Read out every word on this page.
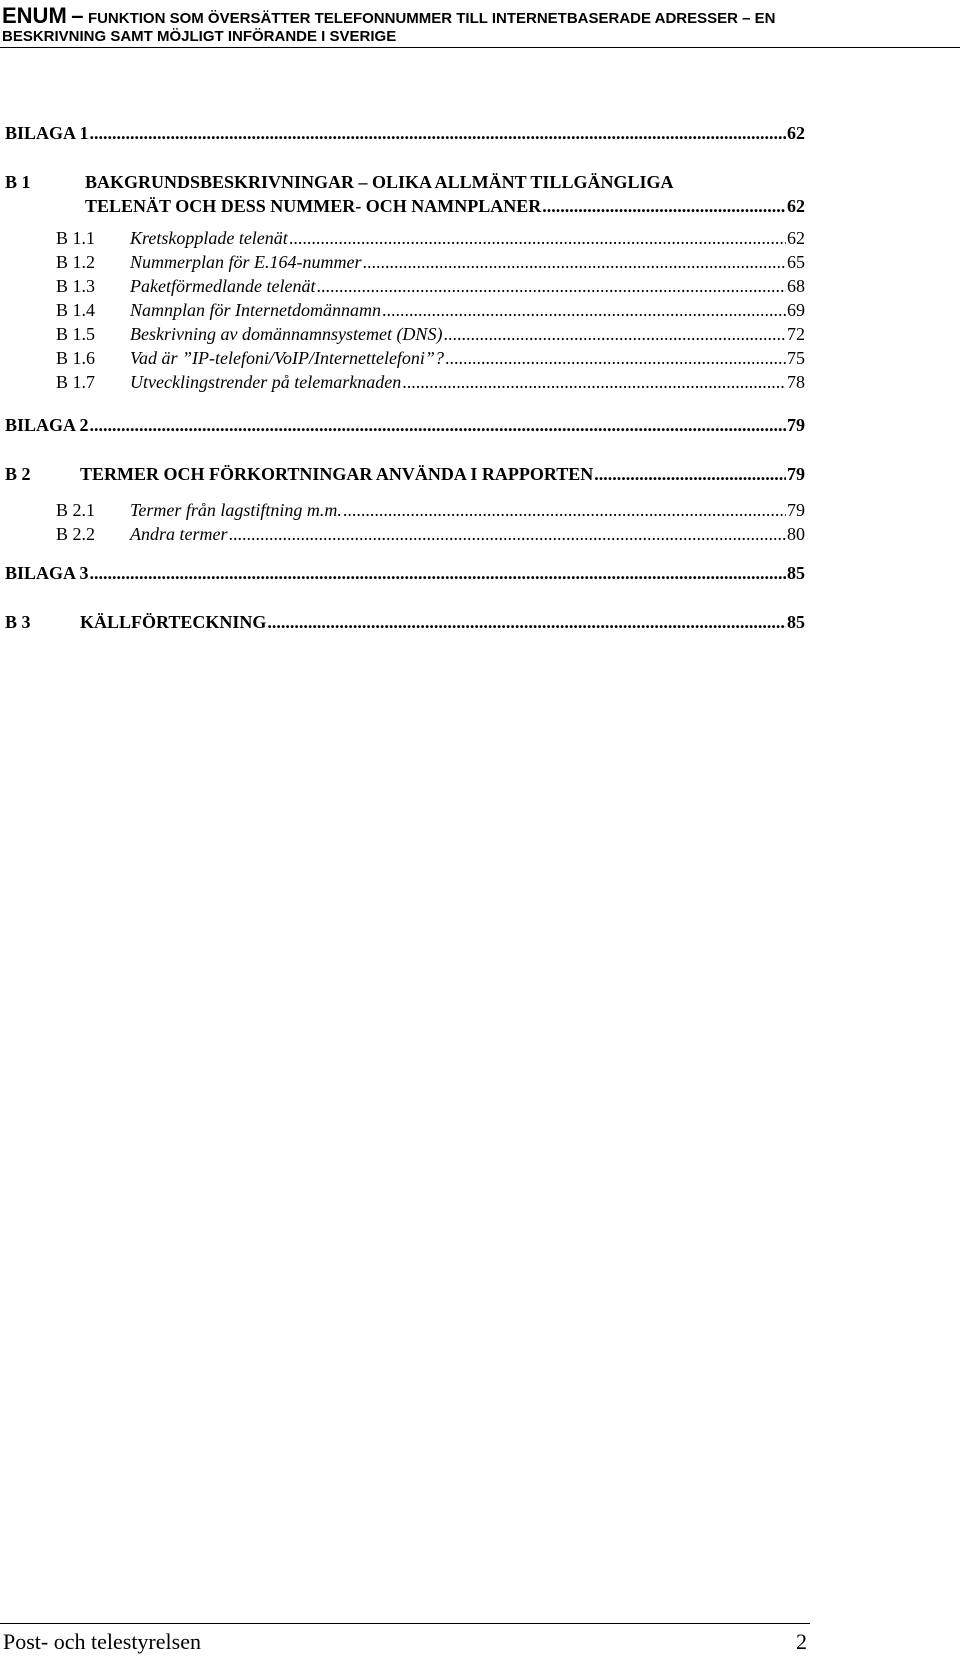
ENUM – FUNKTION SOM ÖVERSÄTTER TELEFONNUMMER TILL INTERNETBASERADE ADRESSER – EN
BESKRIVNING SAMT MÖJLIGT INFÖRANDE I SVERIGE
BILAGA 1 .....	62
B 1	BAKGRUNDSBESKRIVNINGAR – OLIKA ALLMÄNT TILLGÄNGLIGA
TELENÄT OCH DESS NUMMER- OCH NAMNPLANER .....	62
B 1.1	Kretskopplade telenät .....	62
B 1.2	Nummerplan för E.164-nummer .....	65
B 1.3	Paketförmedlande telenät .....	68
B 1.4	Namnplan för Internetdomännamn .....	69
B 1.5	Beskrivning av domännamnsystemet (DNS) .....	72
B 1.6	Vad är ”IP-telefoni/VoIP/Internettelefoni”? .....	75
B 1.7	Utvecklingstrender på telemarknaden .....	78
BILAGA 2 .....	79
B 2	TERMER OCH FÖRKORTNINGAR ANVÄNDA I RAPPORTEN .....	79
B 2.1	Termer från lagstiftning m.m. .....	79
B 2.2	Andra termer .....	80
BILAGA 3 .....	85
B 3	KÄLLFÖRTECKNING .....	85
Post- och telestyrelsen	2
